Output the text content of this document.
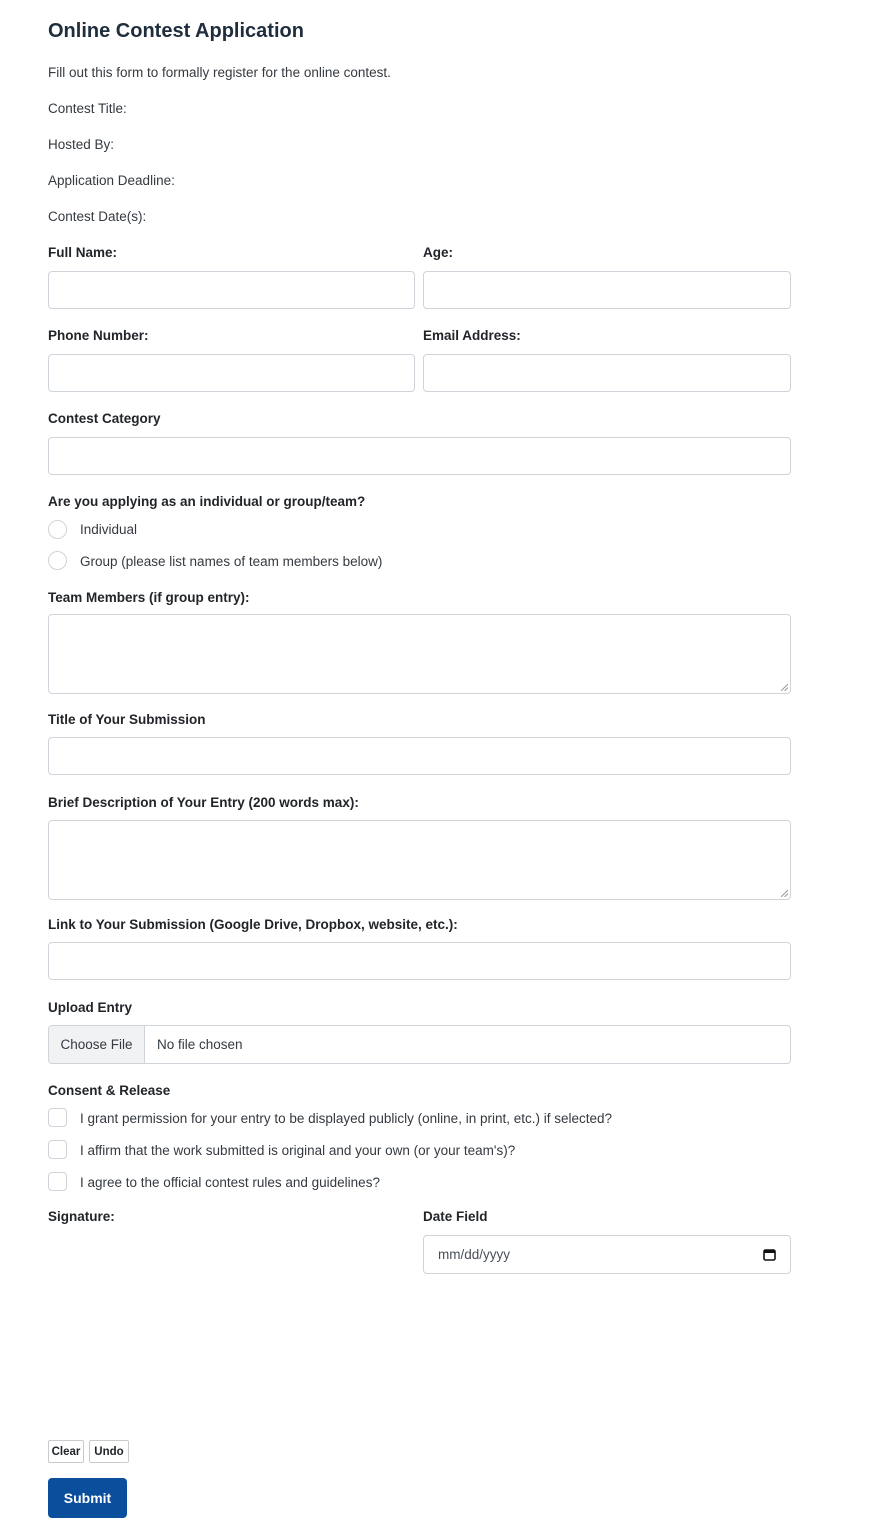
Online Contest Application
Fill out this form to formally register for the online contest.
Contest Title:
Hosted By:
Application Deadline:
Contest Date(s):
Full Name:	Age:
Phone Number:	Email Address:
Contest Category
Are you applying as an individual or group/team?
Individual
Group (please list names of team members below)
Team Members (if group entry):
Title of Your Submission
Brief Description of Your Entry (200 words max):
Link to Your Submission (Google Drive, Dropbox, website, etc.):
Upload Entry
Choose File	No file chosen
Consent & Release
I grant permission for your entry to be displayed publicly (online, in print, etc.) if selected?
I affirm that the work submitted is original and your own (or your team's)?
I agree to the official contest rules and guidelines?
Signature:	Date Field
mm/dd/yyyy
Clear	Undo
Submit
